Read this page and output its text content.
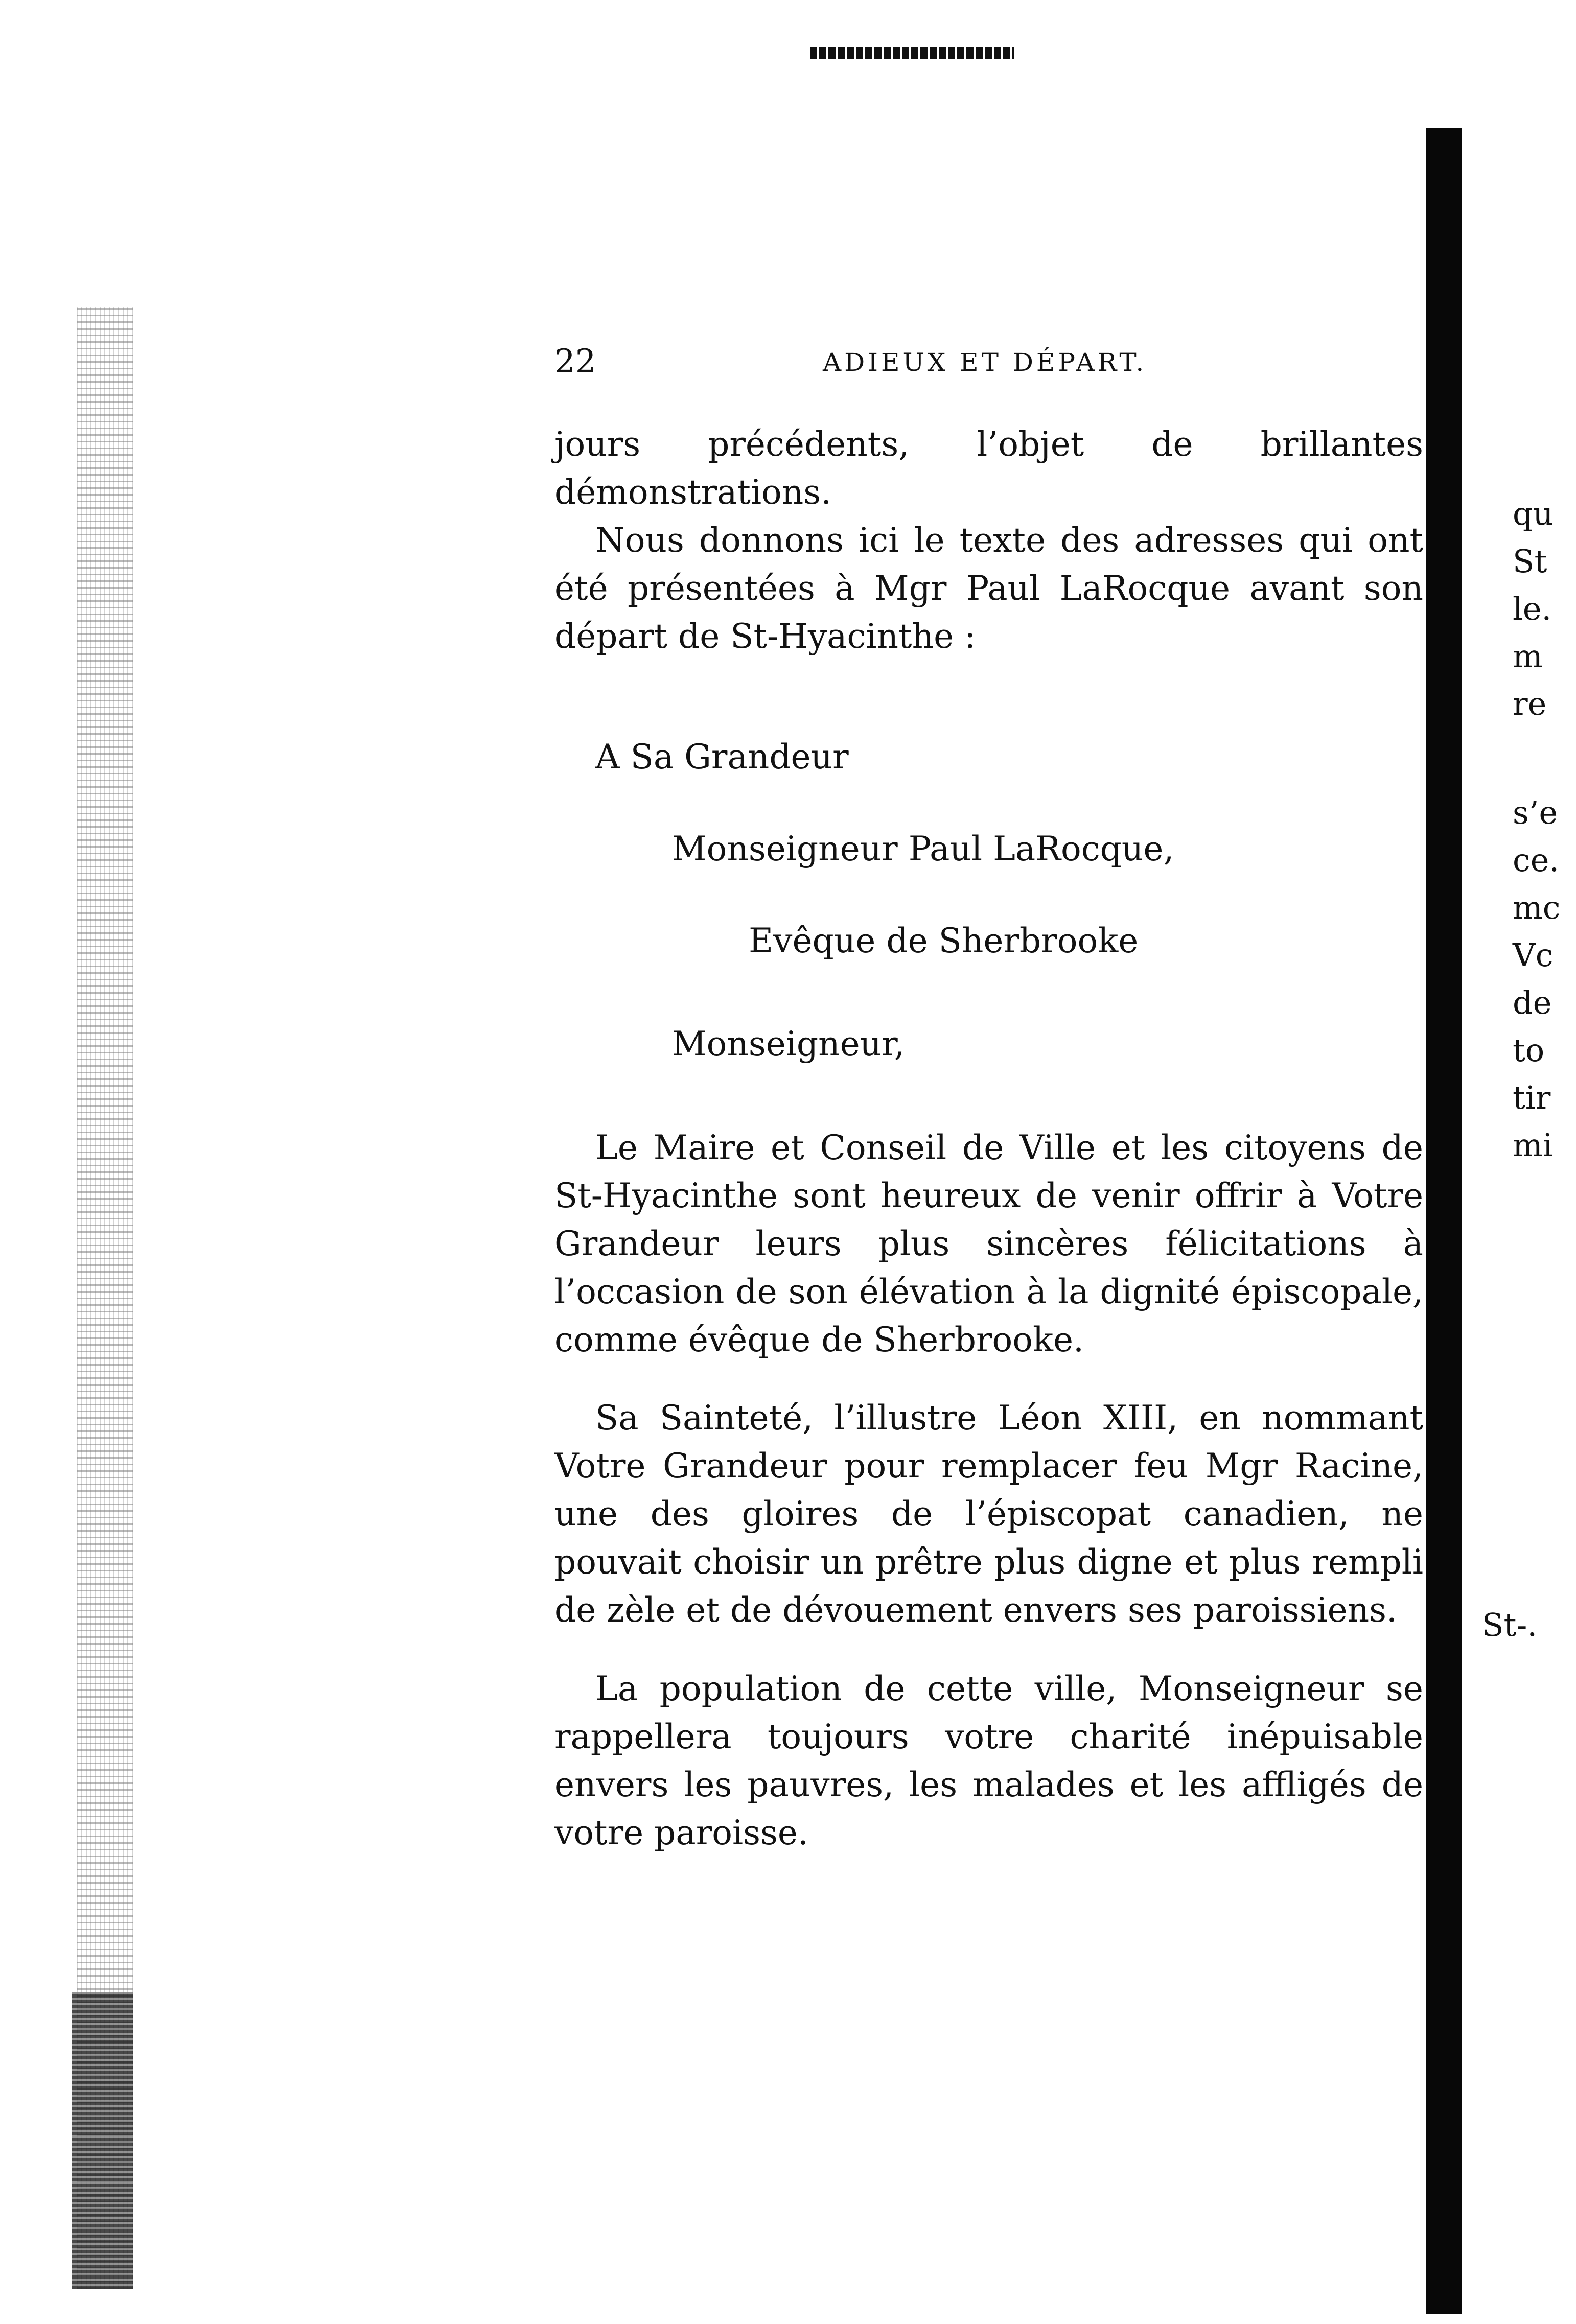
22	ADIEUX ET DÉPART.

jours précédents, l’objet de brillantes démonstrations.

Nous donnons ici le texte des adresses qui ont été présentées à Mgr Paul LaRocque avant son départ de St-Hyacinthe :

A Sa Grandeur
Monseigneur Paul LaRocque,
Evêque de Sherbrooke
Monseigneur,

Le Maire et Conseil de Ville et les citoyens de St-Hyacinthe sont heureux de venir offrir à Votre Grandeur leurs plus sincères félicitations à l’occasion de son élévation à la dignité épiscopale, comme évêque de Sherbrooke.

Sa Sainteté, l’illustre Léon XIII, en nommant Votre Grandeur pour remplacer feu Mgr Racine, une des gloires de l’épiscopat canadien, ne pouvait choisir un prêtre plus digne et plus rempli de zèle et de dévouement envers ses paroissiens.

La population de cette ville, Monseigneur se rappellera toujours votre charité inépuisable envers les pauvres, les malades et les affligés de votre paroisse.

qu
St
le.
m
re
s’e
ce.
mc
Vc
de
to
tir
mi
St-.
